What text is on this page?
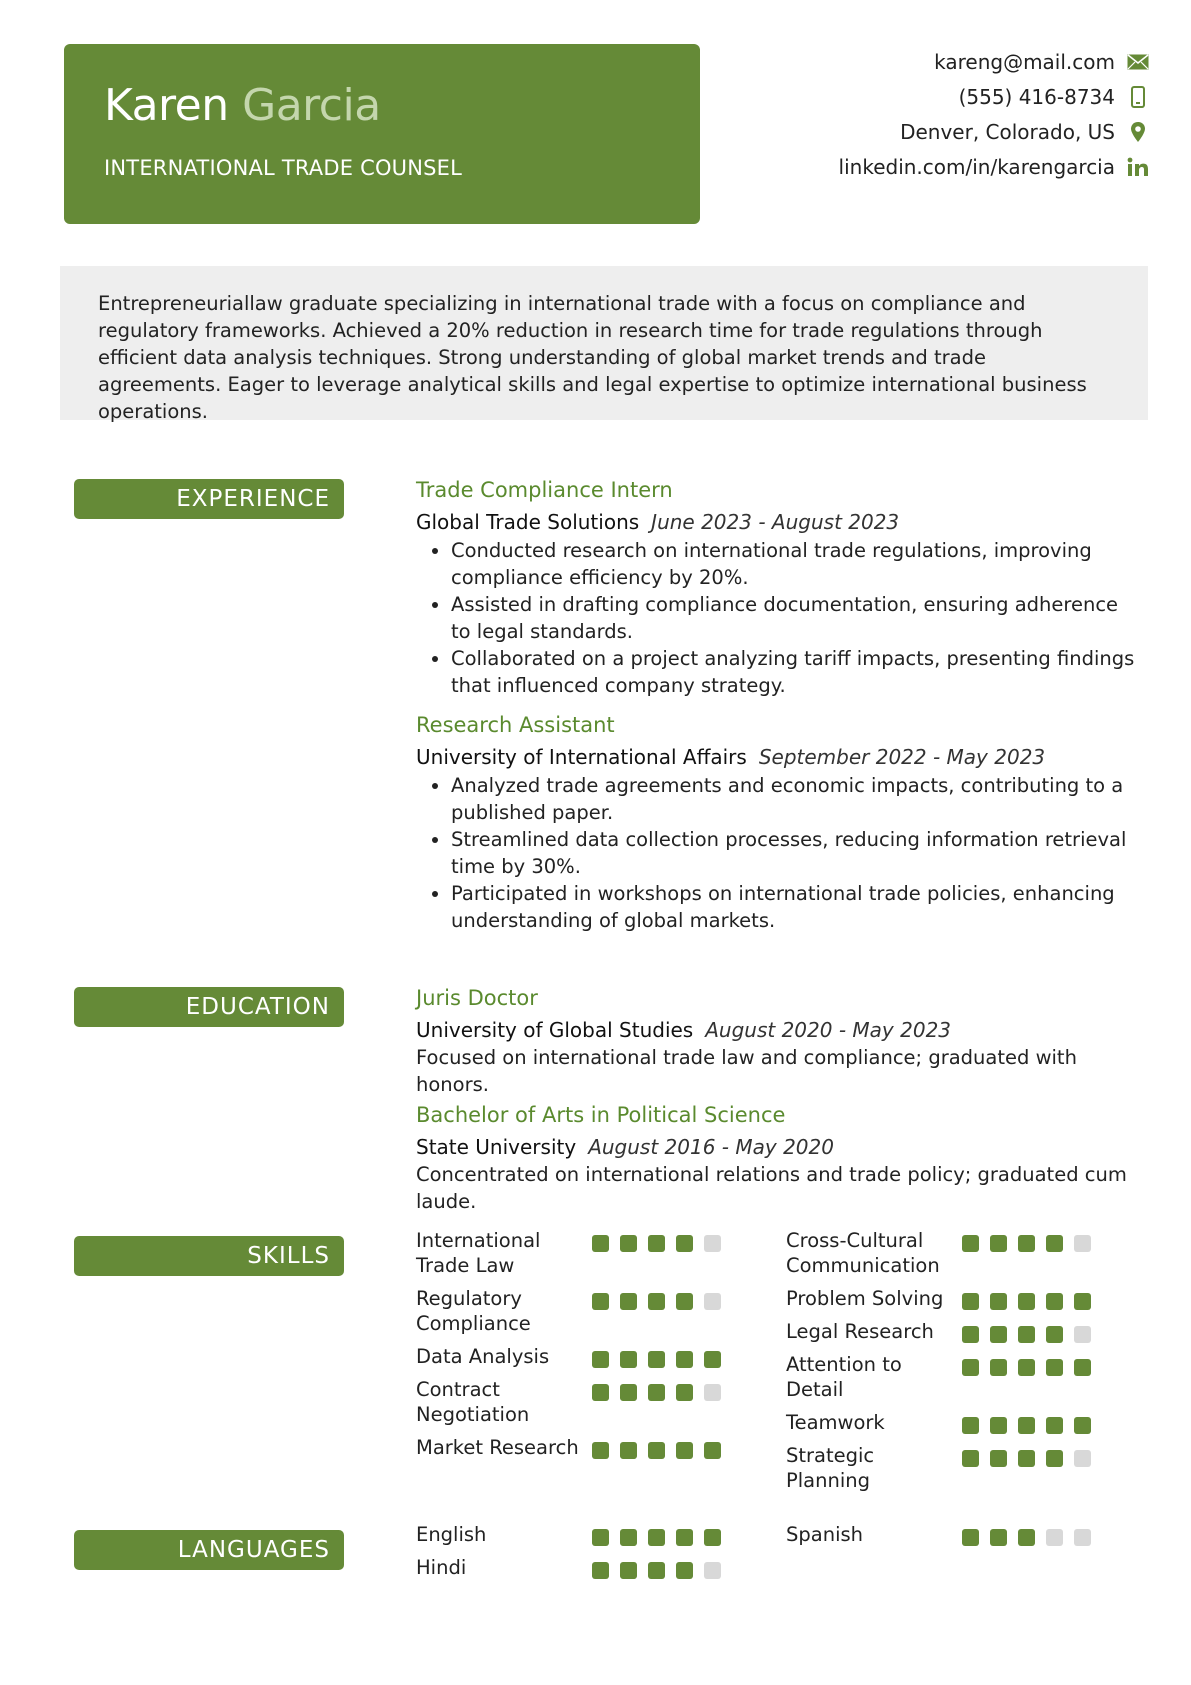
Karen Garcia
INTERNATIONAL TRADE COUNSEL
kareng@mail.com
(555) 416-8734
Denver, Colorado, US
linkedin.com/in/karengarcia
Entrepreneuriallaw graduate specializing in international trade with a focus on compliance and regulatory frameworks. Achieved a 20% reduction in research time for trade regulations through efficient data analysis techniques. Strong understanding of global market trends and trade agreements. Eager to leverage analytical skills and legal expertise to optimize international business operations.
EXPERIENCE
EDUCATION
SKILLS
LANGUAGES
Trade Compliance Intern
Global Trade Solutions June 2023 - August 2023
• Conducted research on international trade regulations, improving compliance efficiency by 20%.
• Assisted in drafting compliance documentation, ensuring adherence to legal standards.
• Collaborated on a project analyzing tariff impacts, presenting findings that influenced company strategy.
Research Assistant
University of International Affairs September 2022 - May 2023
• Analyzed trade agreements and economic impacts, contributing to a published paper.
• Streamlined data collection processes, reducing information retrieval time by 30%.
• Participated in workshops on international trade policies, enhancing understanding of global markets.
Juris Doctor
University of Global Studies August 2020 - May 2023
Focused on international trade law and compliance; graduated with honors.
Bachelor of Arts in Political Science
State University August 2016 - May 2020
Concentrated on international relations and trade policy; graduated cum laude.
International Trade Law
Regulatory Compliance
Data Analysis
Contract Negotiation
Market Research
Cross-Cultural Communication
Problem Solving
Legal Research
Attention to Detail
Teamwork
Strategic Planning
English
Hindi
Spanish
